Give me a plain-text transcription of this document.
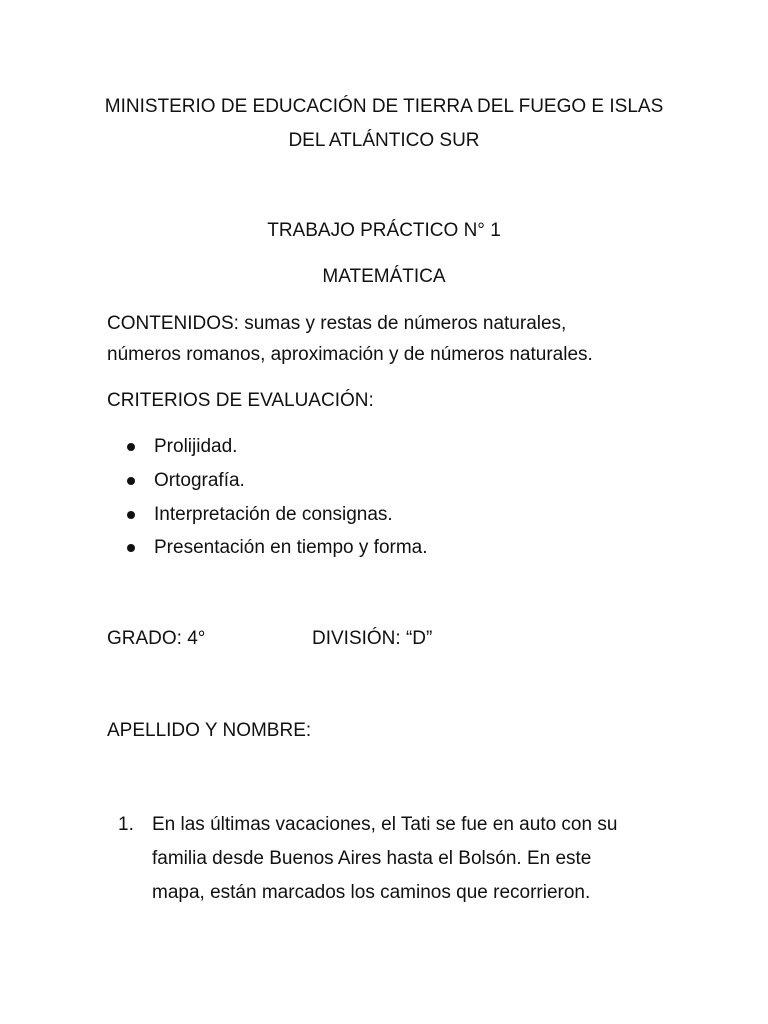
MINISTERIO DE EDUCACIÓN DE TIERRA DEL FUEGO E ISLAS

DEL ATLÁNTICO SUR

TRABAJO PRÁCTICO N° 1

MATEMÁTICA

CONTENIDOS: sumas y restas de números naturales,

números romanos, aproximación y de números naturales.

CRITERIOS DE EVALUACIÓN:

Prolijidad.
Ortografía.
Interpretación de consignas.
Presentación en tiempo y forma.

GRADO: 4°	DIVISIÓN: “D”

APELLIDO Y NOMBRE:

1. En las últimas vacaciones, el Tati se fue en auto con su
familia desde Buenos Aires hasta el Bolsón. En este
mapa, están marcados los caminos que recorrieron.
